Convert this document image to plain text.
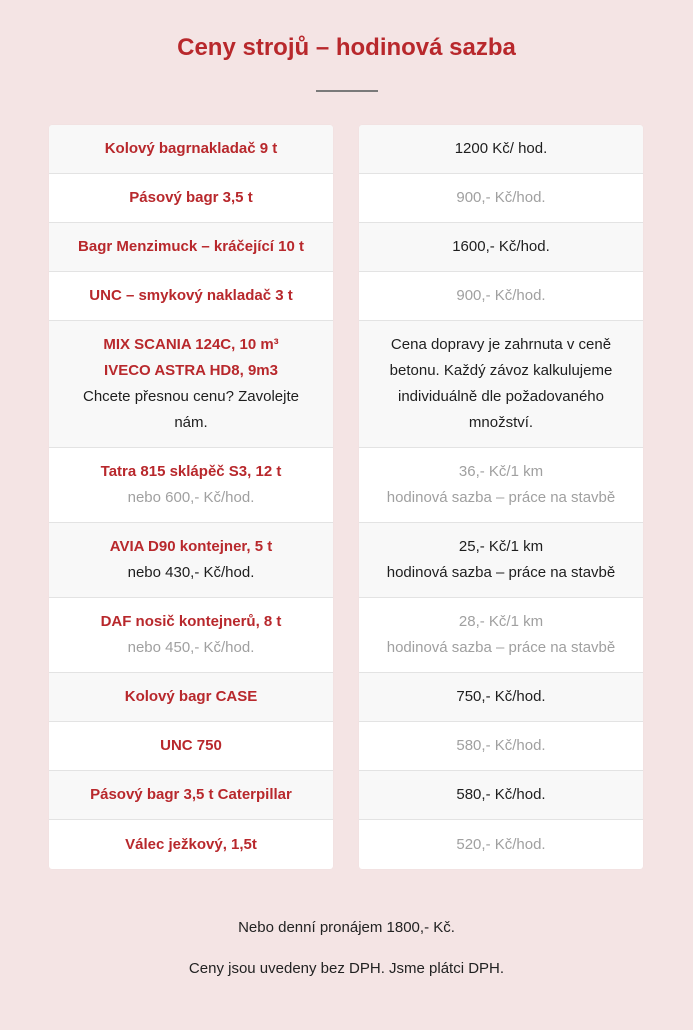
Ceny strojů – hodinová sazba
Kolový bagrnakladač 9 t
Pásový bagr 3,5 t
Bagr Menzimuck – kráčející 10 t
UNC – smykový nakladač 3 t
MIX SCANIA 124C, 10 m³
IVECO ASTRA HD8, 9m3
Chcete přesnou cenu? Zavolejte
nám.
Tatra 815 sklápěč S3, 12 t
nebo 600,- Kč/hod.
AVIA D90 kontejner, 5 t
nebo 430,- Kč/hod.
DAF nosič kontejnerů, 8 t
nebo 450,- Kč/hod.
Kolový bagr CASE
UNC 750
Pásový bagr 3,5 t Caterpillar
Válec ježkový, 1,5t
1200 Kč/ hod.
900,- Kč/hod.
1600,- Kč/hod.
900,- Kč/hod.
Cena dopravy je zahrnuta v ceně
betonu. Každý závoz kalkulujeme
individuálně dle požadovaného
množství.
36,- Kč/1 km
hodinová sazba – práce na stavbě
25,- Kč/1 km
hodinová sazba – práce na stavbě
28,- Kč/1 km
hodinová sazba – práce na stavbě
750,- Kč/hod.
580,- Kč/hod.
580,- Kč/hod.
520,- Kč/hod.

Nebo denní pronájem 1800,- Kč.

Ceny jsou uvedeny bez DPH. Jsme plátci DPH.
